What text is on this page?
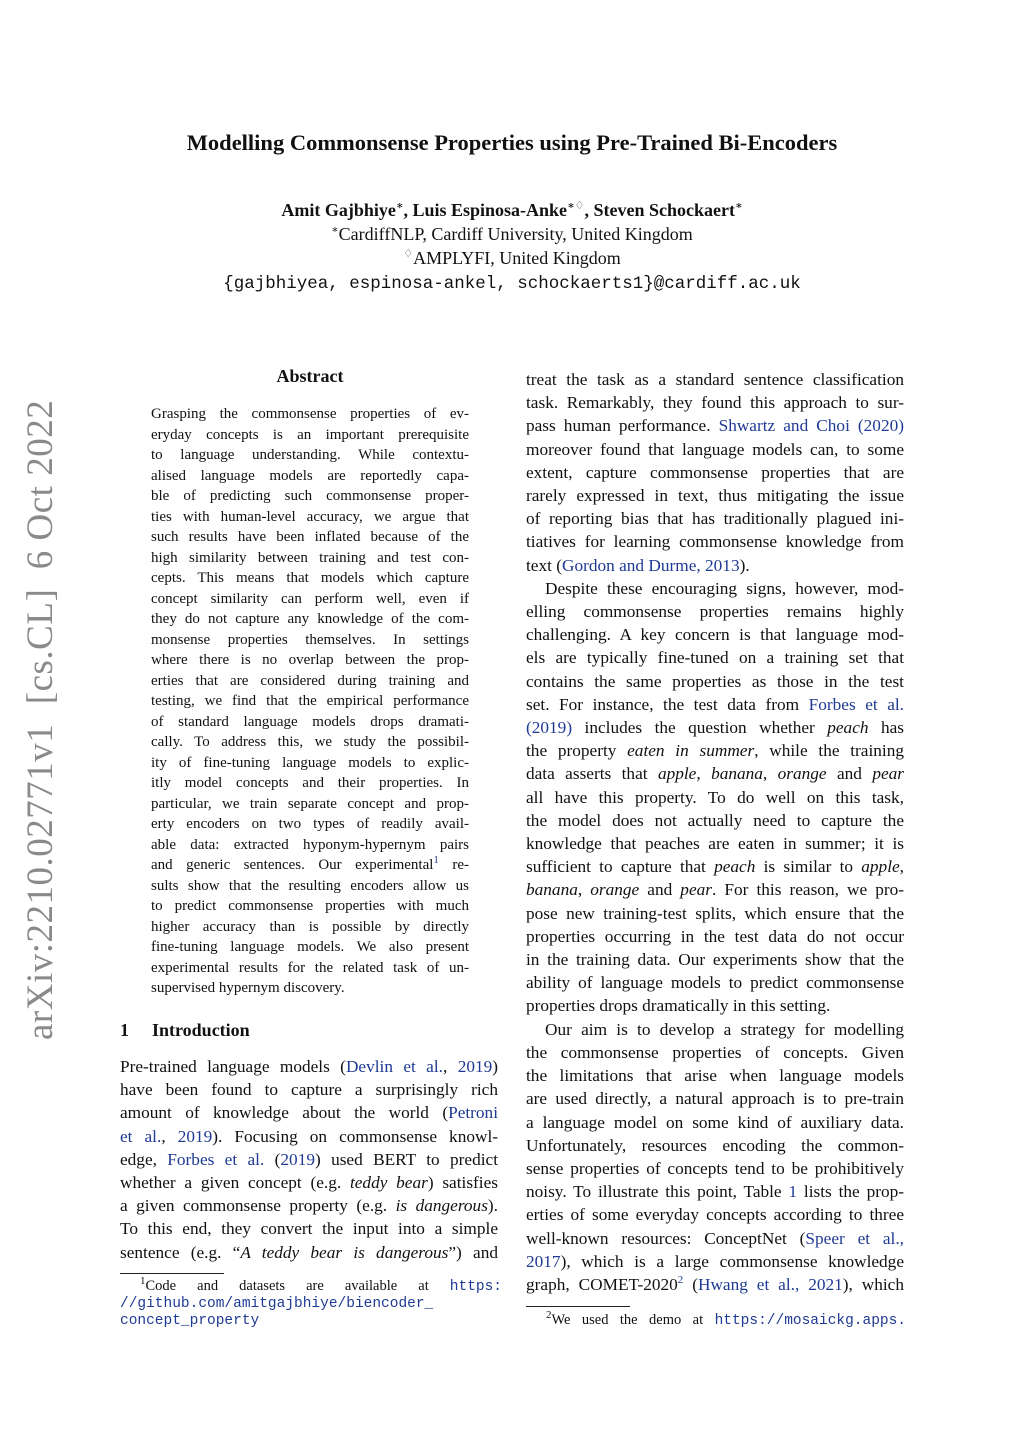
Modelling Commonsense Properties using Pre-Trained Bi-Encoders
Amit Gajbhiye∗, Luis Espinosa-Anke∗♢, Steven Schockaert∗
∗CardiffNLP, Cardiff University, United Kingdom
♢AMPLYFI, United Kingdom
{gajbhiyea, espinosa-ankel, schockaerts1}@cardiff.ac.uk
arXiv:2210.02771v1  [cs.CL]  6 Oct 2022
Abstract
Grasping the commonsense properties of ev-
eryday concepts is an important prerequisite
to language understanding. While contextu-
alised language models are reportedly capa-
ble of predicting such commonsense proper-
ties with human-level accuracy, we argue that
such results have been inflated because of the
high similarity between training and test con-
cepts. This means that models which capture
concept similarity can perform well, even if
they do not capture any knowledge of the com-
monsense properties themselves. In settings
where there is no overlap between the prop-
erties that are considered during training and
testing, we find that the empirical performance
of standard language models drops dramati-
cally. To address this, we study the possibil-
ity of fine-tuning language models to explic-
itly model concepts and their properties. In
particular, we train separate concept and prop-
erty encoders on two types of readily avail-
able data: extracted hyponym-hypernym pairs
and generic sentences. Our experimental$^1$ re-
sults show that the resulting encoders allow us
to predict commonsense properties with much
higher accuracy than is possible by directly
fine-tuning language models. We also present
experimental results for the related task of un-
supervised hypernym discovery.
1 Introduction
Pre-trained language models (Devlin et al., 2019)
have been found to capture a surprisingly rich
amount of knowledge about the world (Petroni
et al., 2019). Focusing on commonsense knowl-
edge, Forbes et al. (2019) used BERT to predict
whether a given concept (e.g. teddy bear) satisfies
a given commonsense property (e.g. is dangerous).
To this end, they convert the input into a simple
sentence (e.g. “A teddy bear is dangerous”) and
$^1$Code and datasets are available at https:
//github.com/amitgajbhiye/biencoder_
concept_property
treat the task as a standard sentence classification
task. Remarkably, they found this approach to sur-
pass human performance. Shwartz and Choi (2020)
moreover found that language models can, to some
extent, capture commonsense properties that are
rarely expressed in text, thus mitigating the issue
of reporting bias that has traditionally plagued ini-
tiatives for learning commonsense knowledge from
text (Gordon and Durme, 2013).
Despite these encouraging signs, however, mod-
elling commonsense properties remains highly
challenging. A key concern is that language mod-
els are typically fine-tuned on a training set that
contains the same properties as those in the test
set. For instance, the test data from Forbes et al.
(2019) includes the question whether peach has
the property eaten in summer, while the training
data asserts that apple, banana, orange and pear
all have this property. To do well on this task,
the model does not actually need to capture the
knowledge that peaches are eaten in summer; it is
sufficient to capture that peach is similar to apple,
banana, orange and pear. For this reason, we pro-
pose new training-test splits, which ensure that the
properties occurring in the test data do not occur
in the training data. Our experiments show that the
ability of language models to predict commonsense
properties drops dramatically in this setting.
Our aim is to develop a strategy for modelling
the commonsense properties of concepts. Given
the limitations that arise when language models
are used directly, a natural approach is to pre-train
a language model on some kind of auxiliary data.
Unfortunately, resources encoding the common-
sense properties of concepts tend to be prohibitively
noisy. To illustrate this point, Table 1 lists the prop-
erties of some everyday concepts according to three
well-known resources: ConceptNet (Speer et al.,
2017), which is a large commonsense knowledge
graph, COMET-2020$^2$ (Hwang et al., 2021), which
$^2$We used the demo at https://mosaickg.apps.
